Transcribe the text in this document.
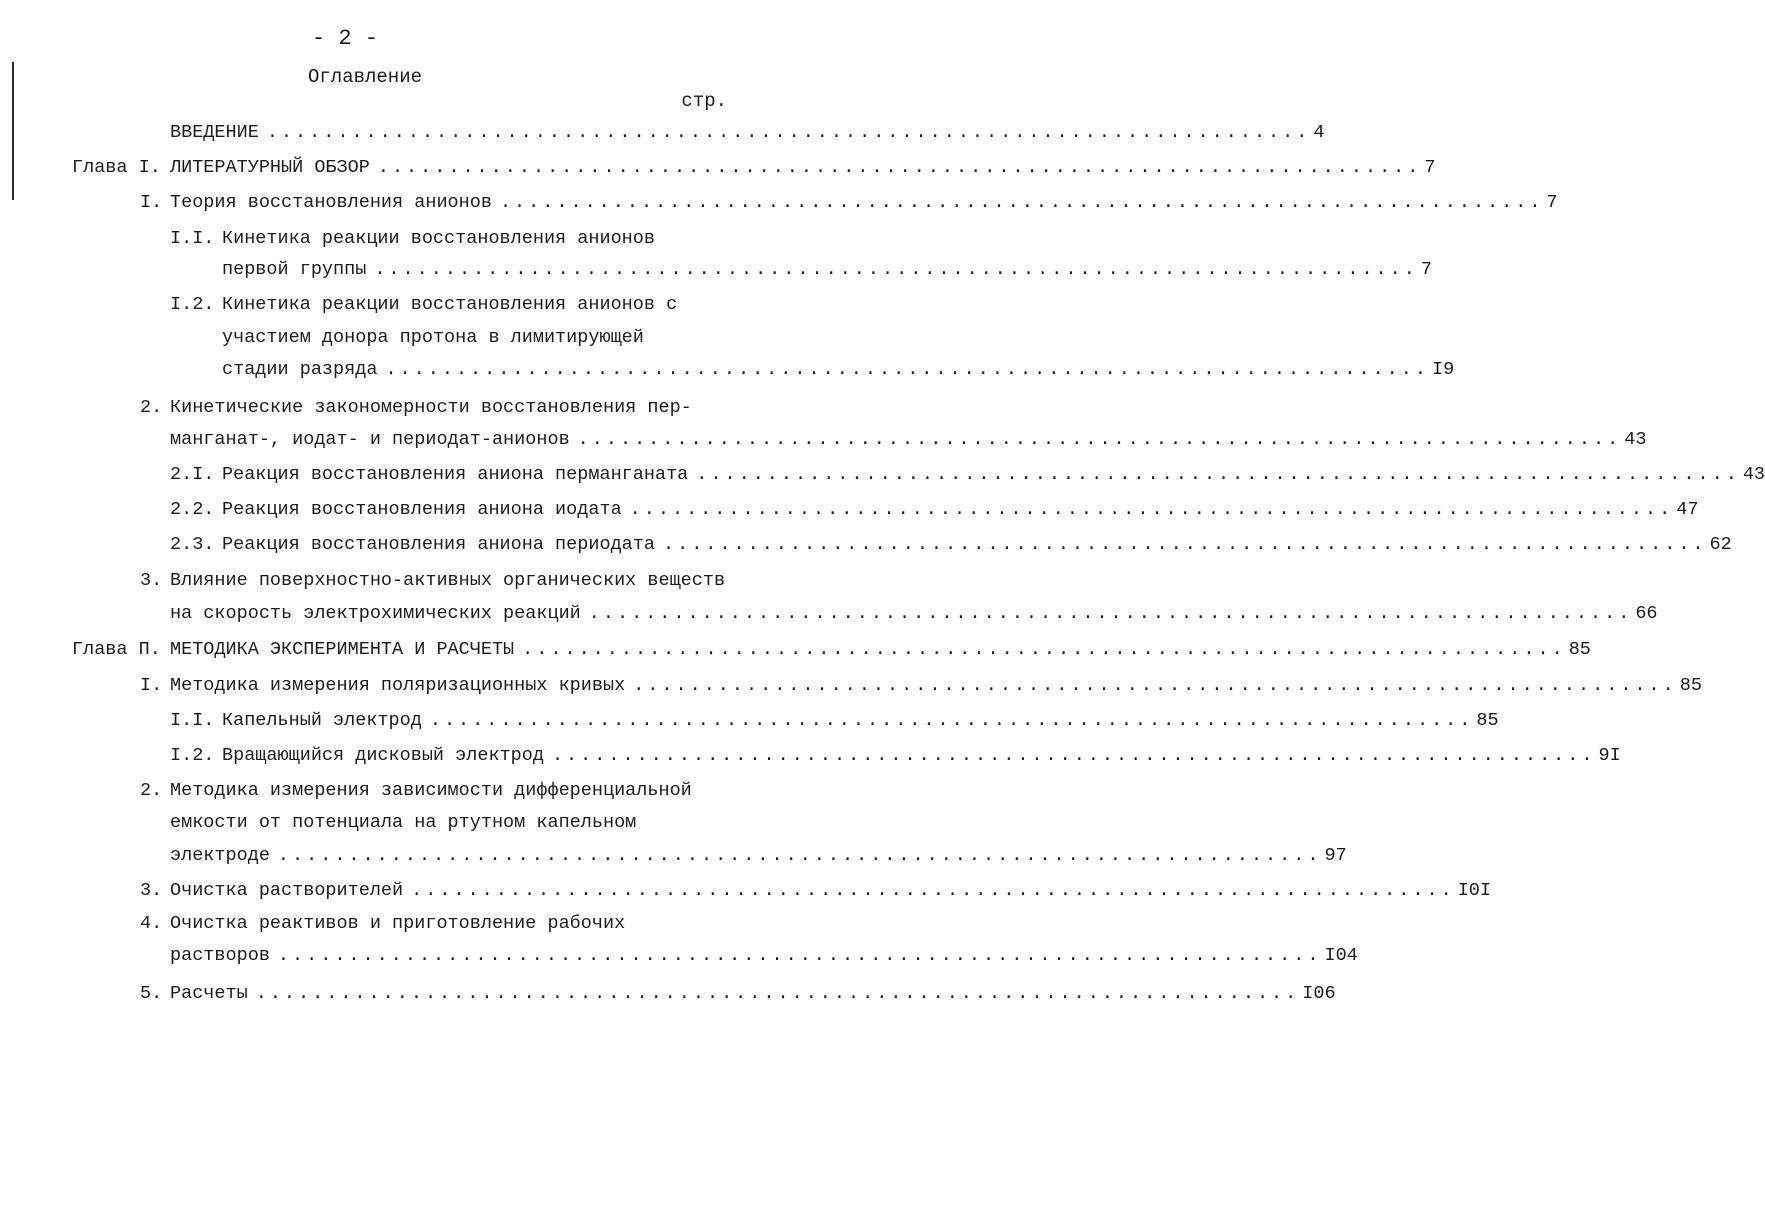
- 2 -
Оглавление
стр.
ВВЕДЕНИЕ .......................................................................... 4
Глава I. ЛИТЕРАТУРНЫЙ ОБЗОР .......................................................................... 7
I. Теория восстановления анионов .......................................................................... 7
I.I. Кинетика реакции восстановления анионов
первой группы .......................................................................... 7
I.2. Кинетика реакции восстановления анионов с
участием донора протона в лимитирующей
стадии разряда .......................................................................... I9
2. Кинетические закономерности восстановления пер-
манганат-, иодат- и периодат-анионов .......................................................................... 43
2.I. Реакция восстановления аниона перманганата .......................................................................... 43
2.2. Реакция восстановления аниона иодата .......................................................................... 47
2.3. Реакция восстановления аниона периодата .......................................................................... 62
3. Влияние поверхностно-активных органических веществ
на скорость электрохимических реакций .......................................................................... 66
Глава П. МЕТОДИКА ЭКСПЕРИМЕНТА И РАСЧЕТЫ .......................................................................... 85
I. Методика измерения поляризационных кривых .......................................................................... 85
I.I. Капельный электрод .......................................................................... 85
I.2. Вращающийся дисковый электрод .......................................................................... 9I
2. Методика измерения зависимости дифференциальной
емкости от потенциала на ртутном капельном
электроде .......................................................................... 97
3. Очистка растворителей .......................................................................... I0I
4. Очистка реактивов и приготовление рабочих
растворов .......................................................................... I04
5. Расчеты .......................................................................... I06
